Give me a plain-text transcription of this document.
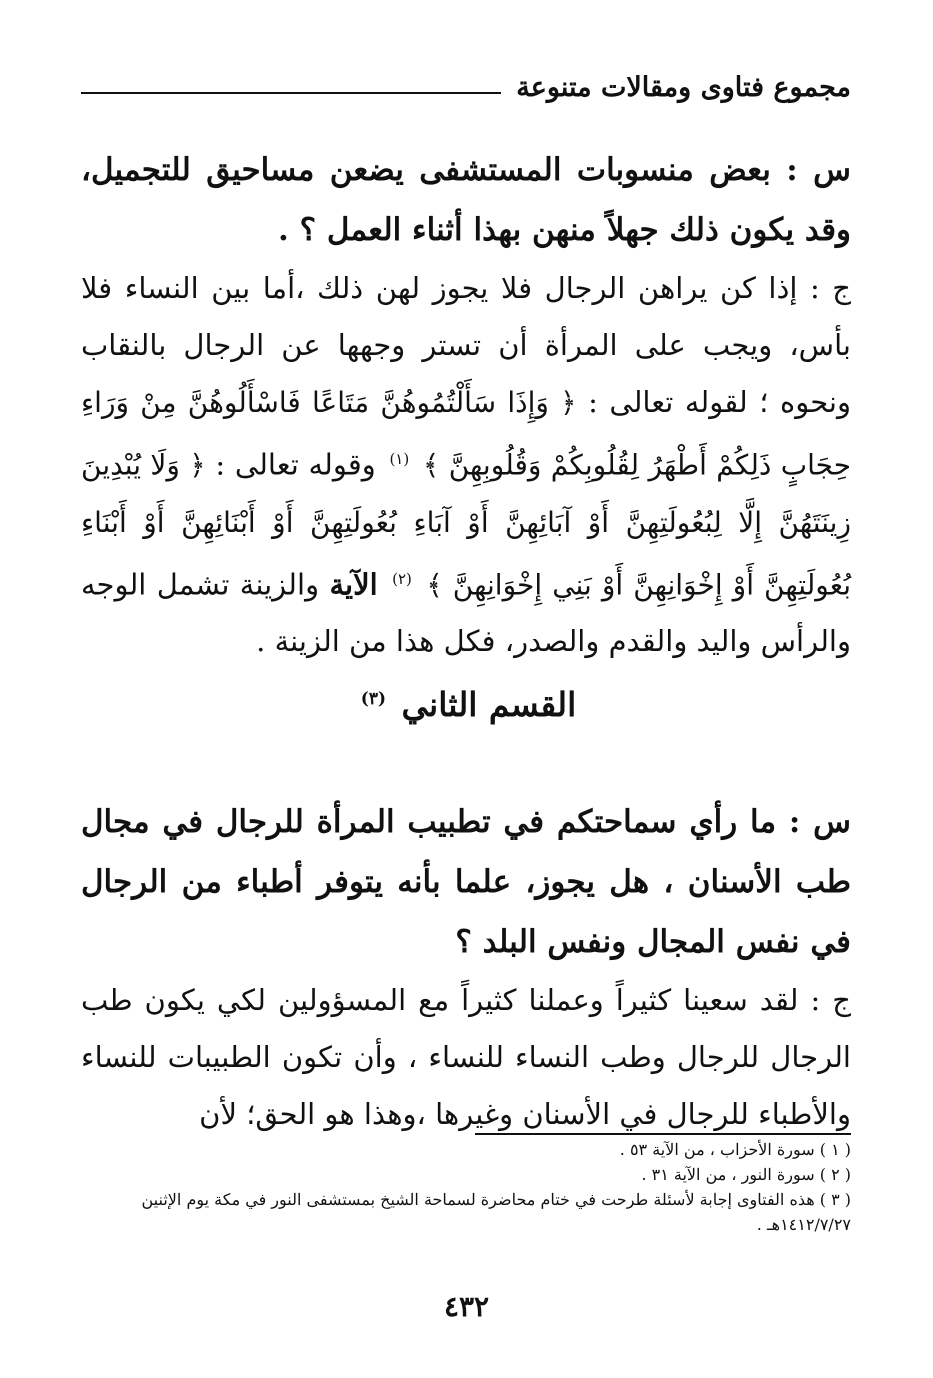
مجموع فتاوى ومقالات متنوعة

س : بعض منسوبات المستشفى يضعن مساحيق للتجميل، وقد يكون ذلك جهلاً منهن بهذا أثناء العمل ؟ .

ج : إذا كن يراهن الرجال فلا يجوز لهن ذلك ،أما بين النساء فلا بأس، ويجب على المرأة أن تستر وجهها عن الرجال بالنقاب ونحوه ؛ لقوله تعالى : ﴿ وَإِذَا سَأَلْتُمُوهُنَّ مَتَاعًا فَاسْأَلُوهُنَّ مِنْ وَرَاءِ حِجَابٍ ذَلِكُمْ أَطْهَرُ لِقُلُوبِكُمْ وَقُلُوبِهِنَّ ﴾ $^{(١)}$ وقوله تعالى : ﴿ وَلَا يُبْدِينَ زِينَتَهُنَّ إِلَّا لِبُعُولَتِهِنَّ أَوْ آبَائِهِنَّ أَوْ آبَاءِ بُعُولَتِهِنَّ أَوْ أَبْنَائِهِنَّ أَوْ أَبْنَاءِ بُعُولَتِهِنَّ أَوْ إِخْوَانِهِنَّ أَوْ بَنِي إِخْوَانِهِنَّ ﴾ $^{(٢)}$ الآية والزينة تشمل الوجه والرأس واليد والقدم والصدر، فكل هذا من الزينة .

القسم الثاني $^{(٣)}$

س : ما رأي سماحتكم في تطبيب المرأة للرجال في مجال طب الأسنان ، هل يجوز، علما بأنه يتوفر أطباء من الرجال في نفس المجال ونفس البلد ؟

ج : لقد سعينا كثيراً وعملنا كثيراً مع المسؤولين لكي يكون طب الرجال للرجال وطب النساء للنساء ، وأن تكون الطبيبات للنساء والأطباء للرجال في الأسنان وغيرها ،وهذا هو الحق؛ لأن

( ١ ) سورة الأحزاب ، من الآية ٥٣ .

( ٢ ) سورة النور ، من الآية ٣١ .

( ٣ ) هذه الفتاوى إجابة لأسئلة طرحت في ختام محاضرة لسماحة الشيخ بمستشفى النور في مكة يوم الإثنين ١٤١٢/٧/٢٧هـ .

٤٣٢
